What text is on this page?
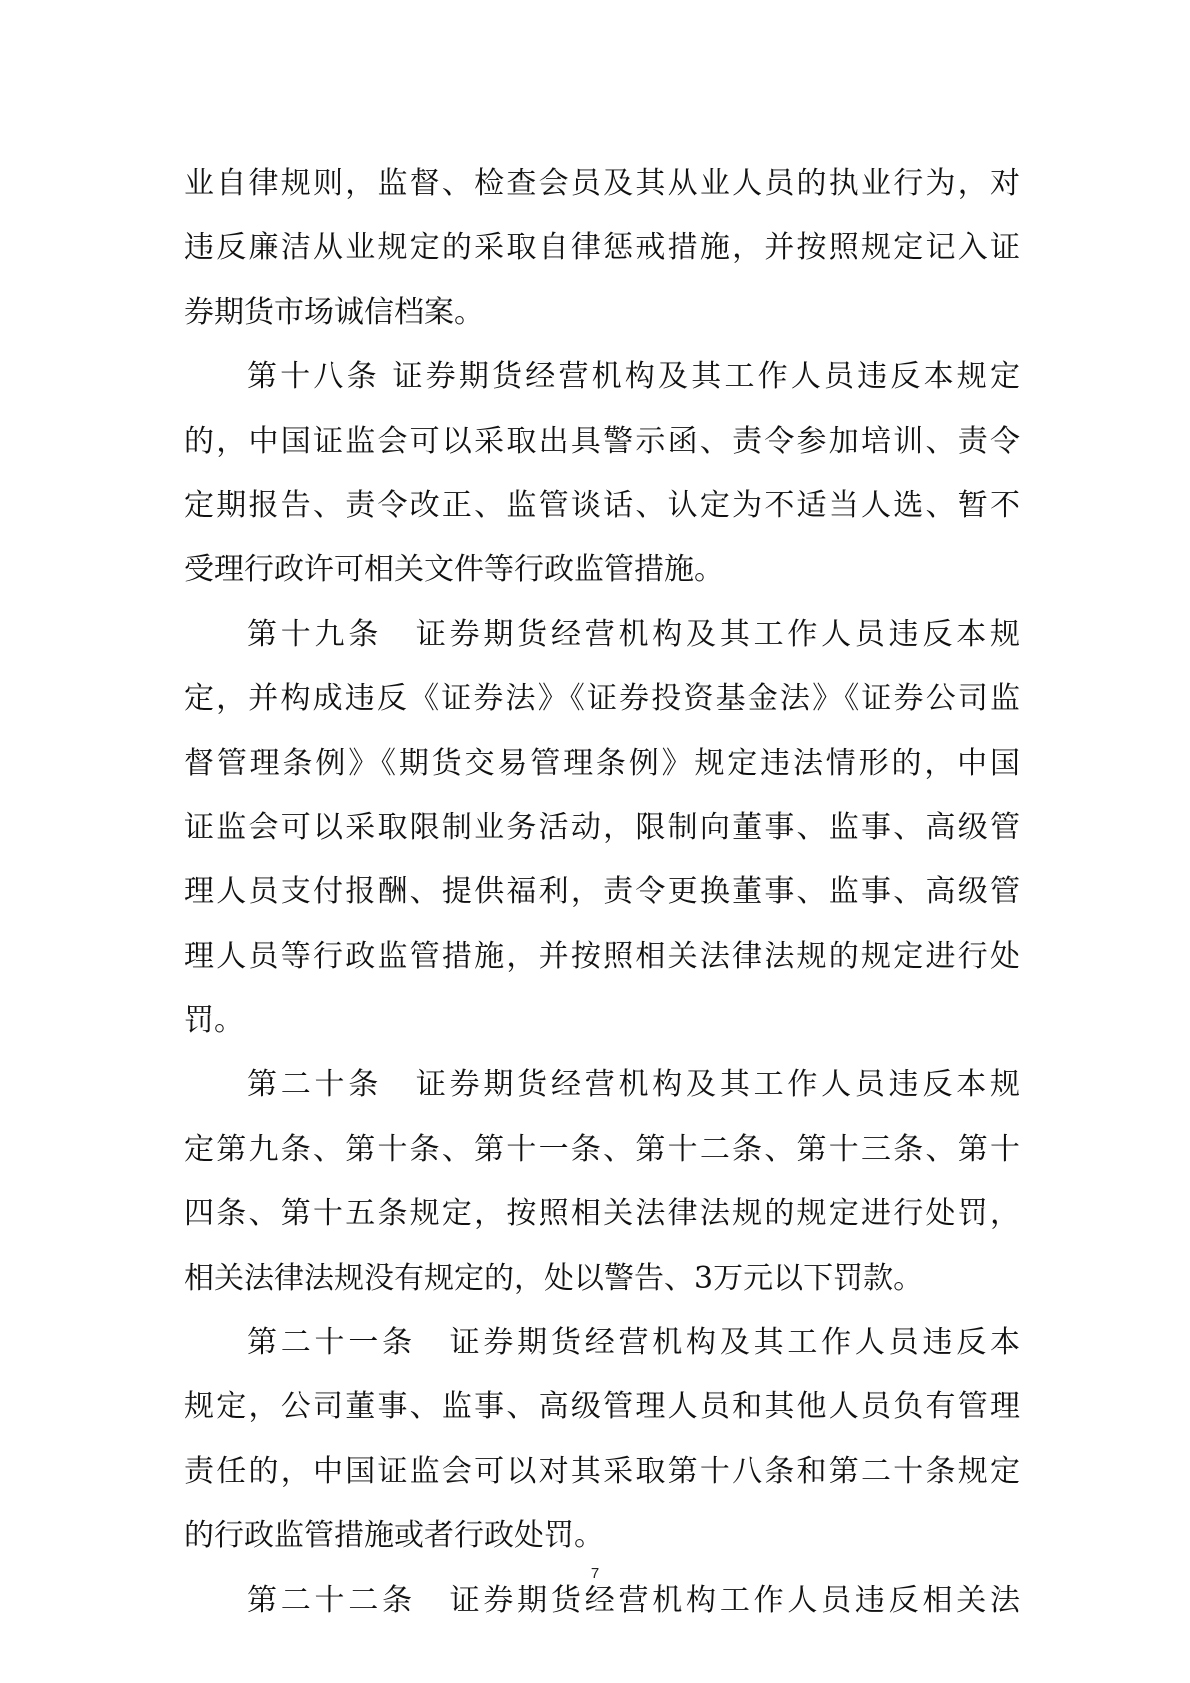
业自律规则，监督、检查会员及其从业人员的执业行为，对
违反廉洁从业规定的采取自律惩戒措施，并按照规定记入证
券期货市场诚信档案。
第十八条 证券期货经营机构及其工作人员违反本规定
的，中国证监会可以采取出具警示函、责令参加培训、责令
定期报告、责令改正、监管谈话、认定为不适当人选、暂不
受理行政许可相关文件等行政监管措施。
第十九条　证券期货经营机构及其工作人员违反本规
定，并构成违反《证券法》《证券投资基金法》《证券公司监
督管理条例》《期货交易管理条例》规定违法情形的，中国
证监会可以采取限制业务活动，限制向董事、监事、高级管
理人员支付报酬、提供福利，责令更换董事、监事、高级管
理人员等行政监管措施，并按照相关法律法规的规定进行处
罚。
第二十条　证券期货经营机构及其工作人员违反本规
定第九条、第十条、第十一条、第十二条、第十三条、第十
四条、第十五条规定，按照相关法律法规的规定进行处罚，
相关法律法规没有规定的，处以警告、3万元以下罚款。
第二十一条　证券期货经营机构及其工作人员违反本
规定，公司董事、监事、高级管理人员和其他人员负有管理
责任的，中国证监会可以对其采取第十八条和第二十条规定
的行政监管措施或者行政处罚。
第二十二条　证券期货经营机构工作人员违反相关法
7
